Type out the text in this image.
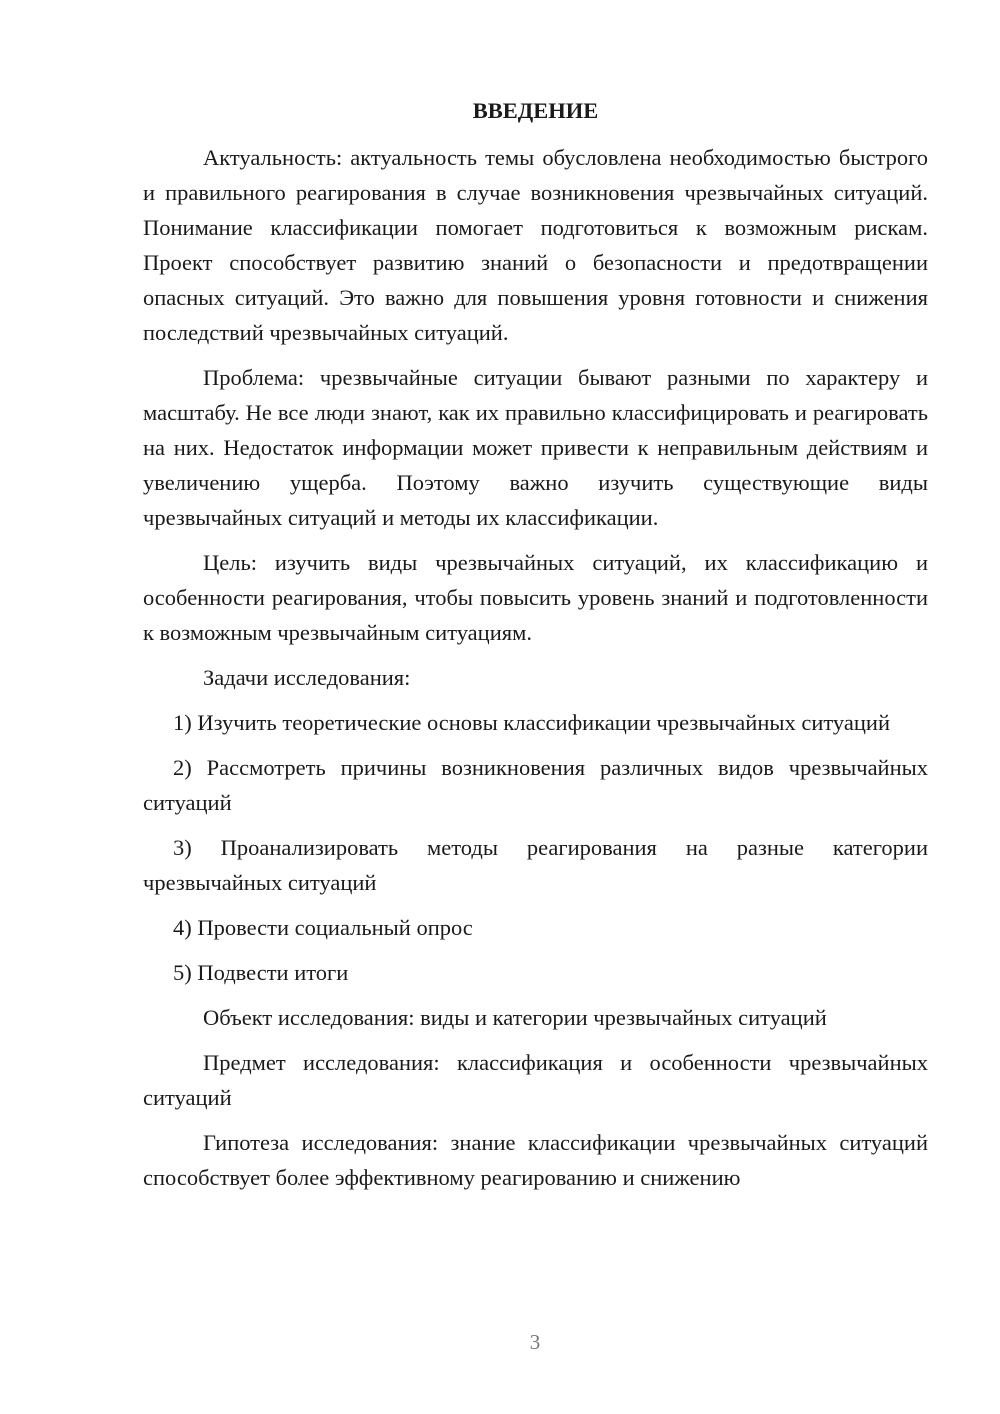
ВВЕДЕНИЕ

Актуальность: актуальность темы обусловлена необходимостью быстрого и правильного реагирования в случае возникновения чрезвычайных ситуаций. Понимание классификации помогает подготовиться к возможным рискам. Проект способствует развитию знаний о безопасности и предотвращении опасных ситуаций. Это важно для повышения уровня готовности и снижения последствий чрезвычайных ситуаций.

Проблема: чрезвычайные ситуации бывают разными по характеру и масштабу. Не все люди знают, как их правильно классифицировать и реагировать на них. Недостаток информации может привести к неправильным действиям и увеличению ущерба. Поэтому важно изучить существующие виды чрезвычайных ситуаций и методы их классификации.

Цель: изучить виды чрезвычайных ситуаций, их классификацию и особенности реагирования, чтобы повысить уровень знаний и подготовленности к возможным чрезвычайным ситуациям.

Задачи исследования:

1) Изучить теоретические основы классификации чрезвычайных ситуаций

2) Рассмотреть причины возникновения различных видов чрезвычайных ситуаций

3) Проанализировать методы реагирования на разные категории чрезвычайных ситуаций

4) Провести социальный опрос

5) Подвести итоги

Объект исследования: виды и категории чрезвычайных ситуаций

Предмет исследования: классификация и особенности чрезвычайных ситуаций

Гипотеза исследования: знание классификации чрезвычайных ситуаций способствует более эффективному реагированию и снижению

3
